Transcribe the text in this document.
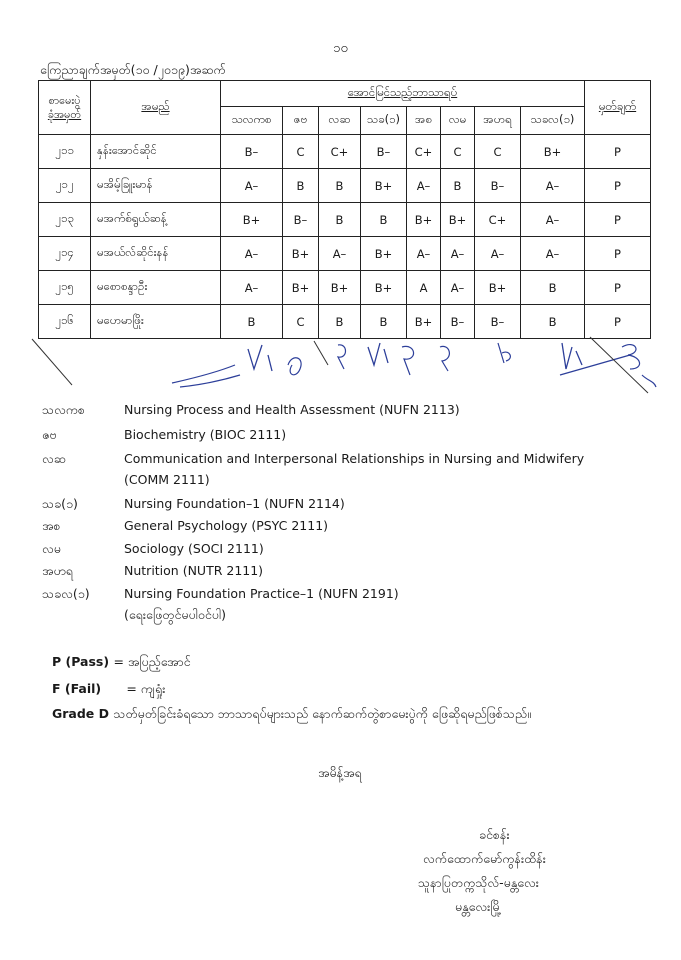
၁၀
ကြေညာချက်အမှတ်(၁၀ /၂၀၁၉)အဆက်
စာမေးပွဲ
ခုံအမှတ်	အမည်	အောင်မြင်သည့်ဘာသာရပ်								မှတ်ချက်
		သလကစ	ဇဗ	လဆ	သခ(၁)	အစ	လမ	အဟရ	သခလ(၁)	
၂၁၁	နှန်းအောင်ဆိုင်	B–	C	C+	B–	C+	C	C	B+	P
၂၁၂	မအိမ့်ခြူးမာန်	A–	B	B	B+	A–	B	B–	A–	P
၂၁၃	မအက်စ်ရွယ်ဆန့်	B+	B–	B	B	B+	B+	C+	A–	P
၂၁၄	မအယ်လ်ဆိုင်းနန်	A–	B+	A–	B+	A–	A–	A–	A–	P
၂၁၅	မစောစန္ဒာဦး	A–	B+	B+	B+	A	A–	B+	B	P
၂၁၆	မဟေမာဖြိုး	B	C	B	B	B+	B–	B–	B	P
သလကစ	Nursing Process and Health Assessment (NUFN 2113)
ဇဗ	Biochemistry (BIOC 2111)
လဆ	Communication and Interpersonal Relationships in Nursing and Midwifery
(COMM 2111)
သခ(၁)	Nursing Foundation–1 (NUFN 2114)
အစ	General Psychology (PSYC 2111)
လမ	Sociology (SOCI 2111)
အဟရ	Nutrition (NUTR 2111)
သခလ(၁)	Nursing Foundation Practice–1 (NUFN 2191)
(ရေးဖြေတွင်မပါဝင်ပါ)
P (Pass) = အပြည့်အောင်
F (Fail) = ကျရှုံး
Grade D သတ်မှတ်ခြင်းခံရသော ဘာသာရပ်များသည် နောက်ဆက်တွဲစာမေးပွဲကို ဖြေဆိုရမည်ဖြစ်သည်။
အမိန့်အရ
ခင်စန်း
လက်ထောက်မော်ကွန်းထိန်း
သူနာပြုတက္ကသိုလ်-မန္တလေး
မန္တလေးမြို့
